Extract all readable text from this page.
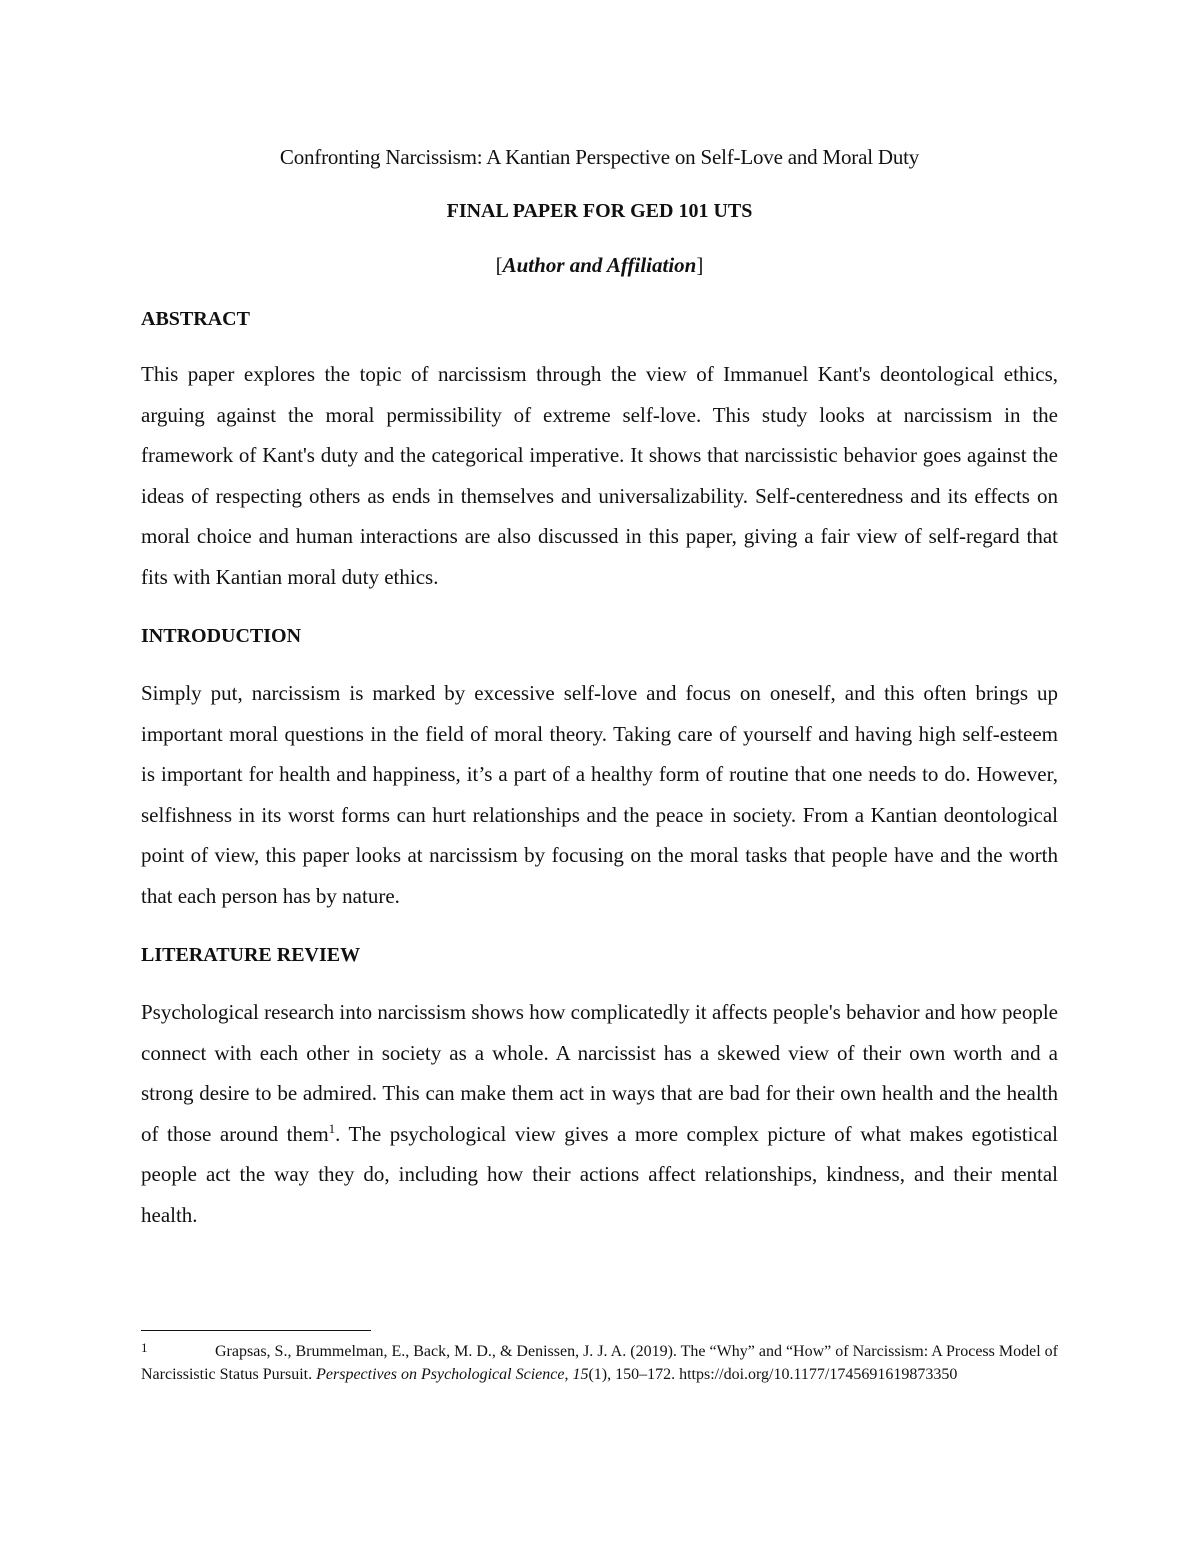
Confronting Narcissism: A Kantian Perspective on Self-Love and Moral Duty

FINAL PAPER FOR GED 101 UTS

[Author and Affiliation]

ABSTRACT

This paper explores the topic of narcissism through the view of Immanuel Kant's deontological ethics, arguing against the moral permissibility of extreme self-love. This study looks at narcissism in the framework of Kant's duty and the categorical imperative. It shows that narcissistic behavior goes against the ideas of respecting others as ends in themselves and universalizability. Self-centeredness and its effects on moral choice and human interactions are also discussed in this paper, giving a fair view of self-regard that fits with Kantian moral duty ethics.

INTRODUCTION

Simply put, narcissism is marked by excessive self-love and focus on oneself, and this often brings up important moral questions in the field of moral theory. Taking care of yourself and having high self-esteem is important for health and happiness, it’s a part of a healthy form of routine that one needs to do. However, selfishness in its worst forms can hurt relationships and the peace in society. From a Kantian deontological point of view, this paper looks at narcissism by focusing on the moral tasks that people have and the worth that each person has by nature.

LITERATURE REVIEW

Psychological research into narcissism shows how complicatedly it affects people's behavior and how people connect with each other in society as a whole. A narcissist has a skewed view of their own worth and a strong desire to be admired. This can make them act in ways that are bad for their own health and the health of those around them$^1$. The psychological view gives a more complex picture of what makes egotistical people act the way they do, including how their actions affect relationships, kindness, and their mental health.

1	Grapsas, S., Brummelman, E., Back, M. D., & Denissen, J. J. A. (2019). The “Why” and “How” of Narcissism: A Process Model of Narcissistic Status Pursuit. Perspectives on Psychological Science, 15(1), 150–172. https://doi.org/10.1177/1745691619873350
